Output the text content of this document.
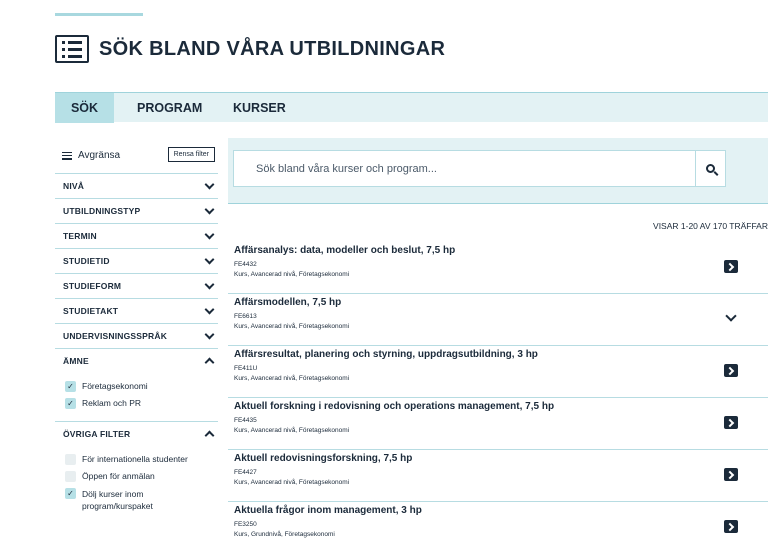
SÖK BLAND VÅRA UTBILDNINGAR
SÖK	PROGRAM KURSER
Avgränsa	Rensa filter
NIVÅ
UTBILDNINGSTYP
TERMIN
STUDIETID
STUDIEFORM
STUDIETAKT
UNDERVISNINGSSPRÅK
ÄMNE
✓ Företagsekonomi
✓ Reklam och PR
ÖVRIGA FILTER
För internationella studenter
Öppen för anmälan
✓ Dölj kurser inom program/kurspaket
Sök bland våra kurser och program...
VISAR 1-20 AV 170 TRÄFFAR
Affärsanalys: data, modeller och beslut, 7,5 hp
FE4432
Kurs, Avancerad nivå, Företagsekonomi
Affärsmodellen, 7,5 hp
FE6613
Kurs, Avancerad nivå, Företagsekonomi
Affärsresultat, planering och styrning, uppdragsutbildning, 3 hp
FE411U
Kurs, Avancerad nivå, Företagsekonomi
Aktuell forskning i redovisning och operations management, 7,5 hp
FE4435
Kurs, Avancerad nivå, Företagsekonomi
Aktuell redovisningsforskning, 7,5 hp
FE4427
Kurs, Avancerad nivå, Företagsekonomi
Aktuella frågor inom management, 3 hp
FE3250
Kurs, Grundnivå, Företagsekonomi
